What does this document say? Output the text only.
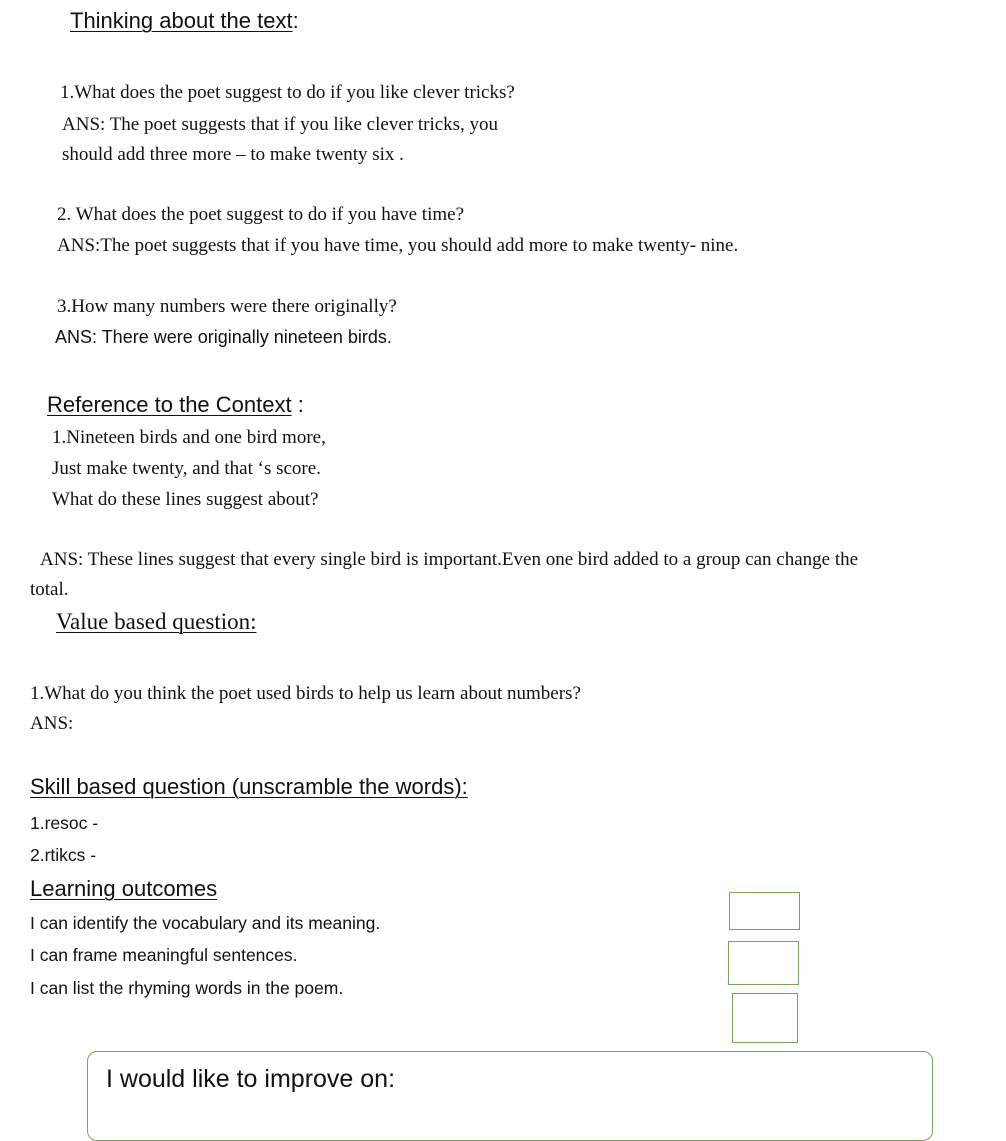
Thinking about the text:
1.What does the poet suggest to do if you like clever tricks?
ANS: The poet suggests that if you like clever tricks, you
should add three more – to make twenty six .
2. What does the poet suggest to do if you have time?
ANS:The poet suggests that if you have time, you should add more to make twenty- nine.
3.How many numbers were there originally?
ANS: There were originally nineteen birds.
Reference to the Context :
1.Nineteen birds and one bird more,
Just make twenty, and that ‘s score.
What do these lines suggest about?
ANS: These lines suggest that every single bird is important.Even one bird added to a group can change the
total.
Value based question:
1.What do you think the poet used birds to help us learn about numbers?
ANS:
Skill based question (unscramble the words):
1.resoc -
2.rtikcs -
Learning outcomes
I can identify the vocabulary and its meaning.
I can frame meaningful sentences.
I can list the rhyming words in the poem.
I would like to improve on:
